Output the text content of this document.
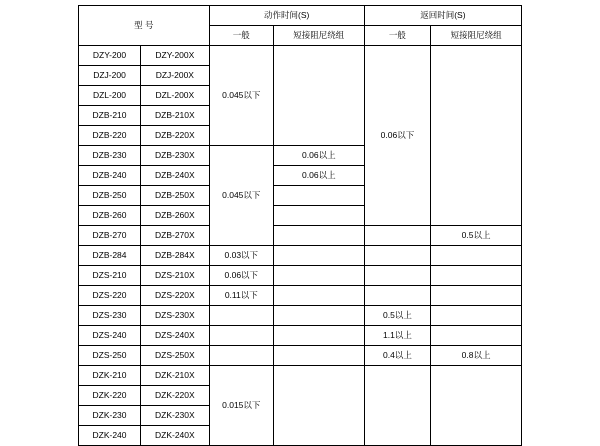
型 号		动作时间(S)		返回时间(S)	
		一般	短接阻尼绕组	一般	短接阻尼绕组
DZY-200	DZY-200X	0.045以下		0.06以下	
DZJ-200	DZJ-200X				
DZL-200	DZL-200X				
DZB-210	DZB-210X				
DZB-220	DZB-220X				
DZB-230	DZB-230X	0.045以下	0.06以上		
DZB-240	DZB-240X		0.06以上		
DZB-250	DZB-250X				
DZB-260	DZB-260X				
DZB-270	DZB-270X				0.5以上
DZB-284	DZB-284X	0.03以下			
DZS-210	DZS-210X	0.06以下			
DZS-220	DZS-220X	0.11以下			
DZS-230	DZS-230X			0.5以上	
DZS-240	DZS-240X			1.1以上	
DZS-250	DZS-250X			0.4以上	0.8以上
DZK-210	DZK-210X	0.015以下			
DZK-220	DZK-220X				
DZK-230	DZK-230X				
DZK-240	DZK-240X				
